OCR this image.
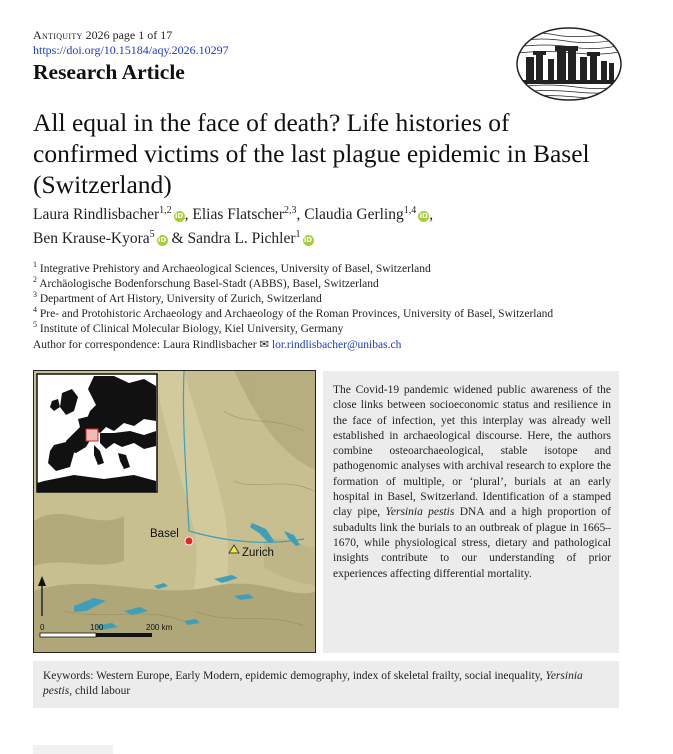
Antiquity 2026 page 1 of 17
https://doi.org/10.15184/aqy.2026.10297
Research Article
All equal in the face of death? Life histories of confirmed victims of the last plague epidemic in Basel (Switzerland)
Laura Rindlisbacher$^{1,2}$iD, Elias Flatscher$^{2,3}$, Claudia Gerling$^{1,4}$iD,
Ben Krause-Kyora$^5$iD & Sandra L. Pichler$^1$iD
$^1$ Integrative Prehistory and Archaeological Sciences, University of Basel, Switzerland
$^2$ Archäologische Bodenforschung Basel-Stadt (ABBS), Basel, Switzerland
$^3$ Department of Art History, University of Zurich, Switzerland
$^4$ Pre- and Protohistoric Archaeology and Archaeology of the Roman Provinces, University of Basel, Switzerland
$^5$ Institute of Clinical Molecular Biology, Kiel University, Germany
Author for correspondence: Laura Rindlisbacher ✉ lor.rindlisbacher@unibas.ch
Basel
Zurich
0	100	200 km

The Covid-19 pandemic widened public awareness of the close links between socioeconomic status and resilience in the face of infection, yet this interplay was already well established in archaeological discourse. Here, the authors combine osteoarchaeological, stable isotope and pathogenomic analyses with archival research to explore the formation of multiple, or ‘plural’, burials at an early hospital in Basel, Switzerland. Identification of a stamped clay pipe, Yersinia pestis DNA and a high proportion of subadults link the burials to an outbreak of plague in 1665–1670, while physiological stress, dietary and pathological insights contribute to our understanding of prior experiences affecting differential mortality.

Keywords: Western Europe, Early Modern, epidemic demography, index of skeletal frailty, social inequality, Yersinia pestis, child labour
